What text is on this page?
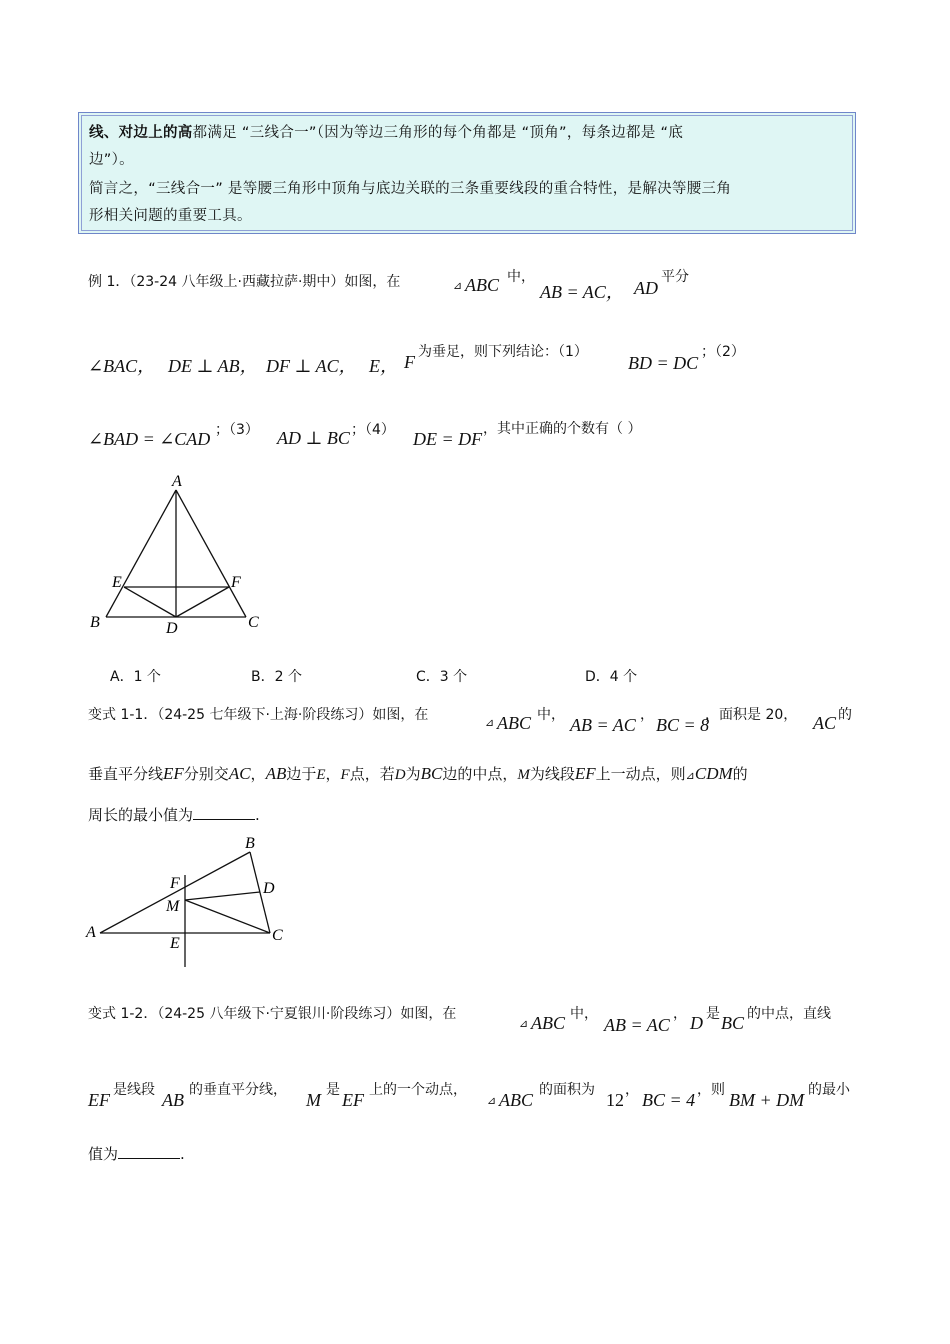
线、对边上的高都满足 “三线合一”（因为等边三角形的每个角都是 “顶角”，每条边都是 “底
边”）。
简言之，“三线合一” 是等腰三角形中顶角与底边关联的三条重要线段的重合特性，是解决等腰三角
形相关问题的重要工具。
例 1．（23-24 八年级上·西藏拉萨·期中）如图，在	⊿ ABC 中，
AB = AC， AD
平分
∠BAC， DE ⊥ AB， DF ⊥ AC， E， F 为垂足，则下列结论：（1）
BD = DC
；（2）
∠BAD = ∠CAD ；（3） AD ⊥ BC ；（4） DE = DF ，其中正确的个数有（ ）
A
B	C
D
E	F
A．1 个	B．2 个	C．3 个	D．4 个
变式 1-1．（24-25 七年级下·上海·阶段练习）如图，在	⊿ ABC 中， AB = AC ， BC = 8
，面积是 20， AC 的
垂直平分线EF分别交AC，AB边于E，F点，若D为BC边的中点，M为线段EF上一动点，则⊿CDM的
周长的最小值为	.
A
B
C
D
E
F
M
变式 1-2．（24-25 八年级下·宁夏银川·阶段练习）如图，在
⊿ ABC 中，
AB = AC
， D 是 BC 的中点，直线
EF 是线段 AB 的垂直平分线， M 是 EF 上的一个动点，
⊿ ABC 的面积为 12 ， BC = 4 ，则 BM + DM 的最小
值为	.
